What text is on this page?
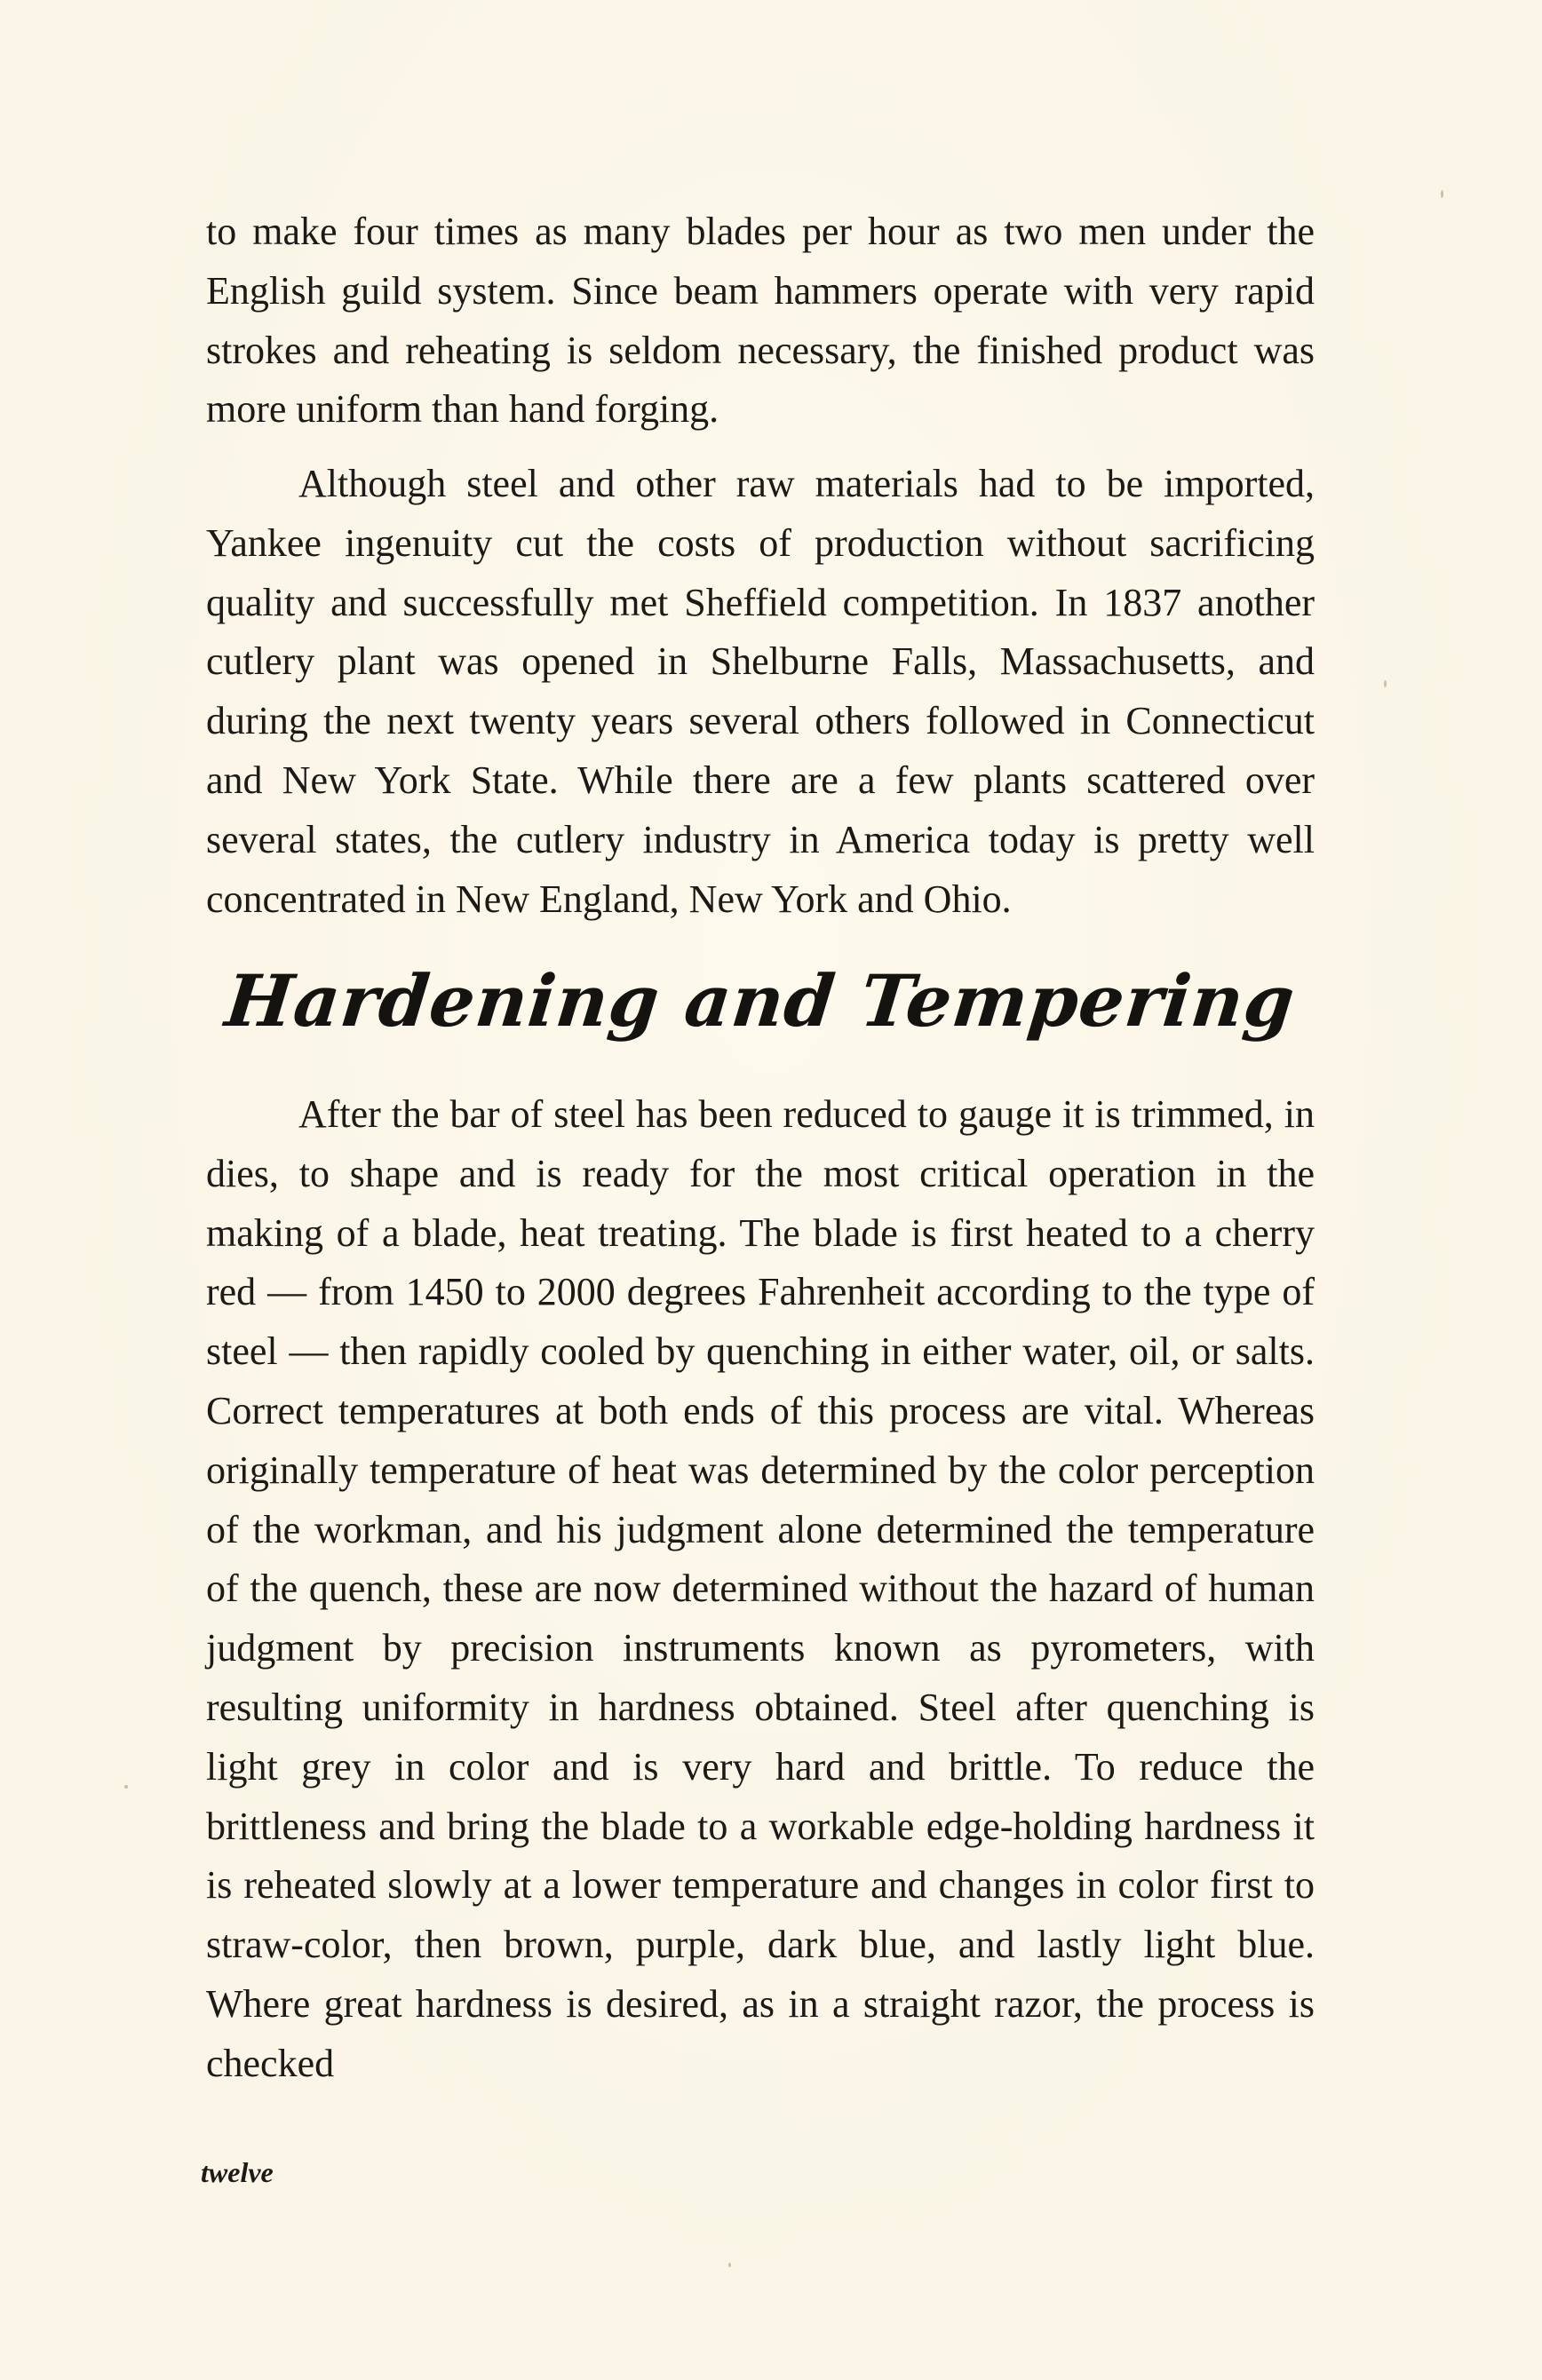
to make four times as many blades per hour as two men under the English guild system. Since beam hammers operate with very rapid strokes and reheating is seldom necessary, the finished product was more uniform than hand forging.

Although steel and other raw materials had to be imported, Yankee ingenuity cut the costs of production without sacrificing quality and successfully met Sheffield competition. In 1837 another cutlery plant was opened in Shelburne Falls, Massachusetts, and during the next twenty years several others followed in Connecticut and New York State. While there are a few plants scattered over several states, the cutlery industry in America today is pretty well concentrated in New England, New York and Ohio.

Hardening and Tempering

After the bar of steel has been reduced to gauge it is trimmed, in dies, to shape and is ready for the most critical operation in the making of a blade, heat treating. The blade is first heated to a cherry red — from 1450 to 2000 degrees Fahrenheit according to the type of steel — then rapidly cooled by quenching in either water, oil, or salts. Correct temperatures at both ends of this process are vital. Whereas originally temperature of heat was determined by the color perception of the workman, and his judgment alone determined the temperature of the quench, these are now determined without the hazard of human judgment by precision instruments known as pyrometers, with resulting uniformity in hardness obtained. Steel after quenching is light grey in color and is very hard and brittle. To reduce the brittleness and bring the blade to a workable edge-holding hardness it is reheated slowly at a lower temperature and changes in color first to straw-color, then brown, purple, dark blue, and lastly light blue. Where great hardness is desired, as in a straight razor, the process is checked

twelve
